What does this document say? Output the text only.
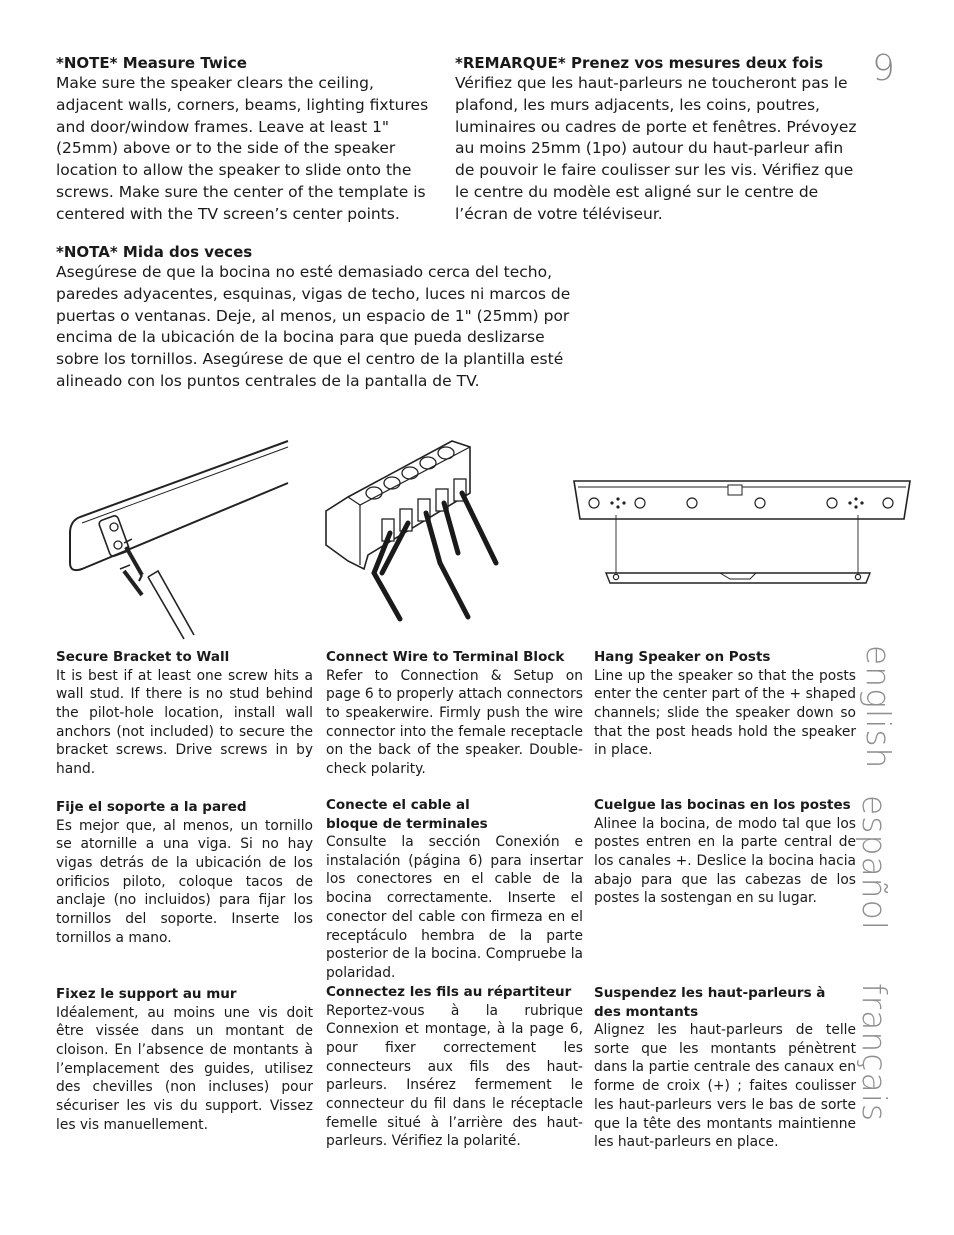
9
english
español
français
*NOTE* Measure Twice
Make sure the speaker clears the ceiling, adjacent walls, corners, beams, lighting fixtures and door/window frames. Leave at least 1" (25mm) above or to the side of the speaker location to allow the speaker to slide onto the screws. Make sure the center of the template is centered with the TV screen’s center points.
*REMARQUE* Prenez vos mesures deux fois
Vérifiez que les haut-parleurs ne toucheront pas le plafond, les murs adjacents, les coins, poutres, luminaires ou cadres de porte et fenêtres. Prévoyez au moins 25mm (1po) autour du haut-parleur afin de pouvoir le faire coulisser sur les vis. Vérifiez que le centre du modèle est aligné sur le centre de l’écran de votre téléviseur.
*NOTA* Mida dos veces
Asegúrese de que la bocina no esté demasiado cerca del techo, paredes adyacentes, esquinas, vigas de techo, luces ni marcos de puertas o ventanas. Deje, al menos, un espacio de 1" (25mm) por encima de la ubicación de la bocina para que pueda deslizarse sobre los tornillos. Asegúrese de que el centro de la plantilla esté alineado con los puntos centrales de la pantalla de TV.
Secure Bracket to Wall
It is best if at least one screw hits a wall stud. If there is no stud behind the pilot-hole location, install wall anchors (not included) to secure the bracket screws. Drive screws in by hand.
Fije el soporte a la pared
Es mejor que, al menos, un tornillo se atornille a una viga. Si no hay vigas detrás de la ubicación de los orificios piloto, coloque tacos de anclaje (no incluidos) para fijar los tornillos del soporte. Inserte los tornillos a mano.
Fixez le support au mur
Idéalement, au moins une vis doit être vissée dans un montant de cloison. En l’absence de montants à l’emplacement des guides, utilisez des chevilles (non incluses) pour sécuriser les vis du support. Vissez les vis manuellement.
Connect Wire to Terminal Block
Refer to Connection & Setup on page 6 to properly attach connectors to speakerwire. Firmly push the wire connector into the female receptacle on the back of the speaker. Double-check polarity.
Conecte el cable al bloque de terminales
Consulte la sección Conexión e instalación (página 6) para insertar los conectores en el cable de la bocina correctamente. Inserte el conector del cable con firmeza en el receptáculo hembra de la parte posterior de la bocina. Compruebe la polaridad.
Connectez les fils au répartiteur
Reportez-vous à la rubrique Connexion et montage, à la page 6, pour fixer correctement les connecteurs aux fils des haut-parleurs. Insérez fermement le connecteur du fil dans le réceptacle femelle situé à l’arrière des haut-parleurs. Vérifiez la polarité.
Hang Speaker on Posts
Line up the speaker so that the posts enter the center part of the + shaped channels; slide the speaker down so that the post heads hold the speaker in place.
Cuelgue las bocinas en los postes
Alinee la bocina, de modo tal que los postes entren en la parte central de los canales +. Deslice la bocina hacia abajo para que las cabezas de los postes la sostengan en su lugar.
Suspendez les haut-parleurs à des montants
Alignez les haut-parleurs de telle sorte que les montants pénètrent dans la partie centrale des canaux en forme de croix (+) ; faites coulisser les haut-parleurs vers le bas de sorte que la tête des montants maintienne les haut-parleurs en place.
